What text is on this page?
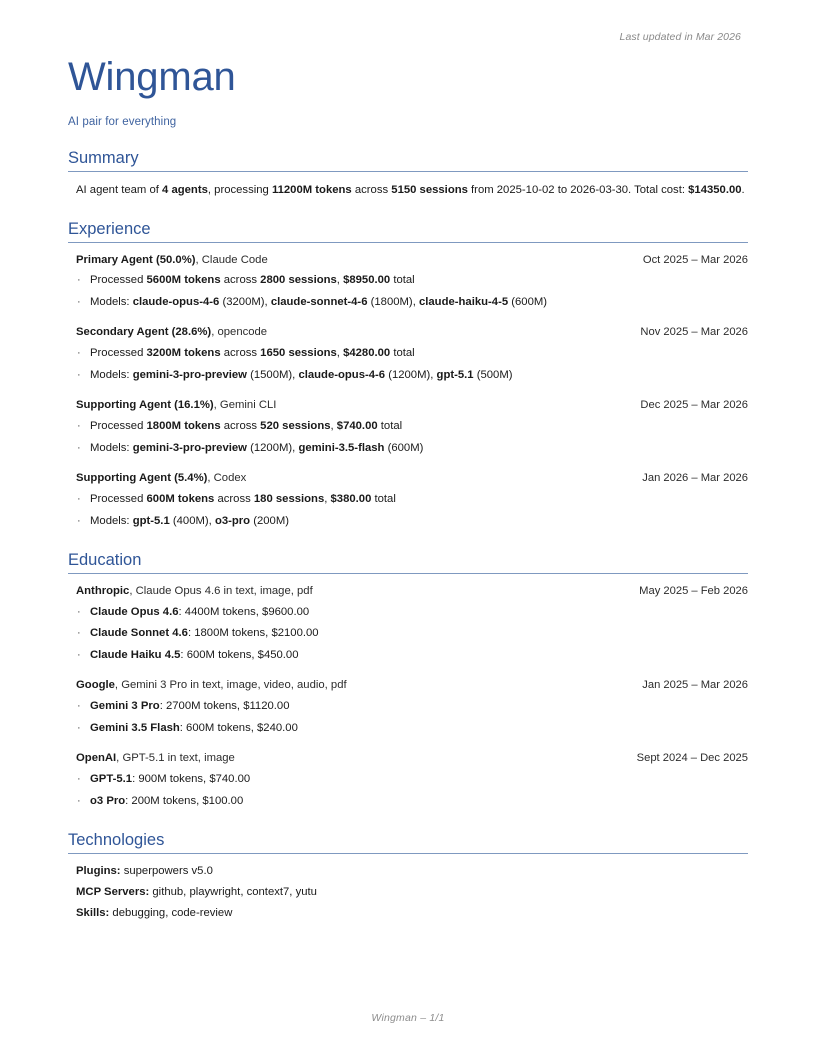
Last updated in Mar 2026
Wingman
AI pair for everything
Summary
AI agent team of 4 agents, processing 11200M tokens across 5150 sessions from 2025-10-02 to 2026-03-30. Total cost: $14350.00.
Experience
Primary Agent (50.0%), Claude Code	Oct 2025 – Mar 2026
· Processed 5600M tokens across 2800 sessions, $8950.00 total
· Models: claude-opus-4-6 (3200M), claude-sonnet-4-6 (1800M), claude-haiku-4-5 (600M)
Secondary Agent (28.6%), opencode	Nov 2025 – Mar 2026
· Processed 3200M tokens across 1650 sessions, $4280.00 total
· Models: gemini-3-pro-preview (1500M), claude-opus-4-6 (1200M), gpt-5.1 (500M)
Supporting Agent (16.1%), Gemini CLI	Dec 2025 – Mar 2026
· Processed 1800M tokens across 520 sessions, $740.00 total
· Models: gemini-3-pro-preview (1200M), gemini-3.5-flash (600M)
Supporting Agent (5.4%), Codex	Jan 2026 – Mar 2026
· Processed 600M tokens across 180 sessions, $380.00 total
· Models: gpt-5.1 (400M), o3-pro (200M)
Education
Anthropic, Claude Opus 4.6 in text, image, pdf	May 2025 – Feb 2026
· Claude Opus 4.6: 4400M tokens, $9600.00
· Claude Sonnet 4.6: 1800M tokens, $2100.00
· Claude Haiku 4.5: 600M tokens, $450.00
Google, Gemini 3 Pro in text, image, video, audio, pdf	Jan 2025 – Mar 2026
· Gemini 3 Pro: 2700M tokens, $1120.00
· Gemini 3.5 Flash: 600M tokens, $240.00
OpenAI, GPT-5.1 in text, image	Sept 2024 – Dec 2025
· GPT-5.1: 900M tokens, $740.00
· o3 Pro: 200M tokens, $100.00
Technologies
Plugins: superpowers v5.0
MCP Servers: github, playwright, context7, yutu
Skills: debugging, code-review
Wingman – 1/1
